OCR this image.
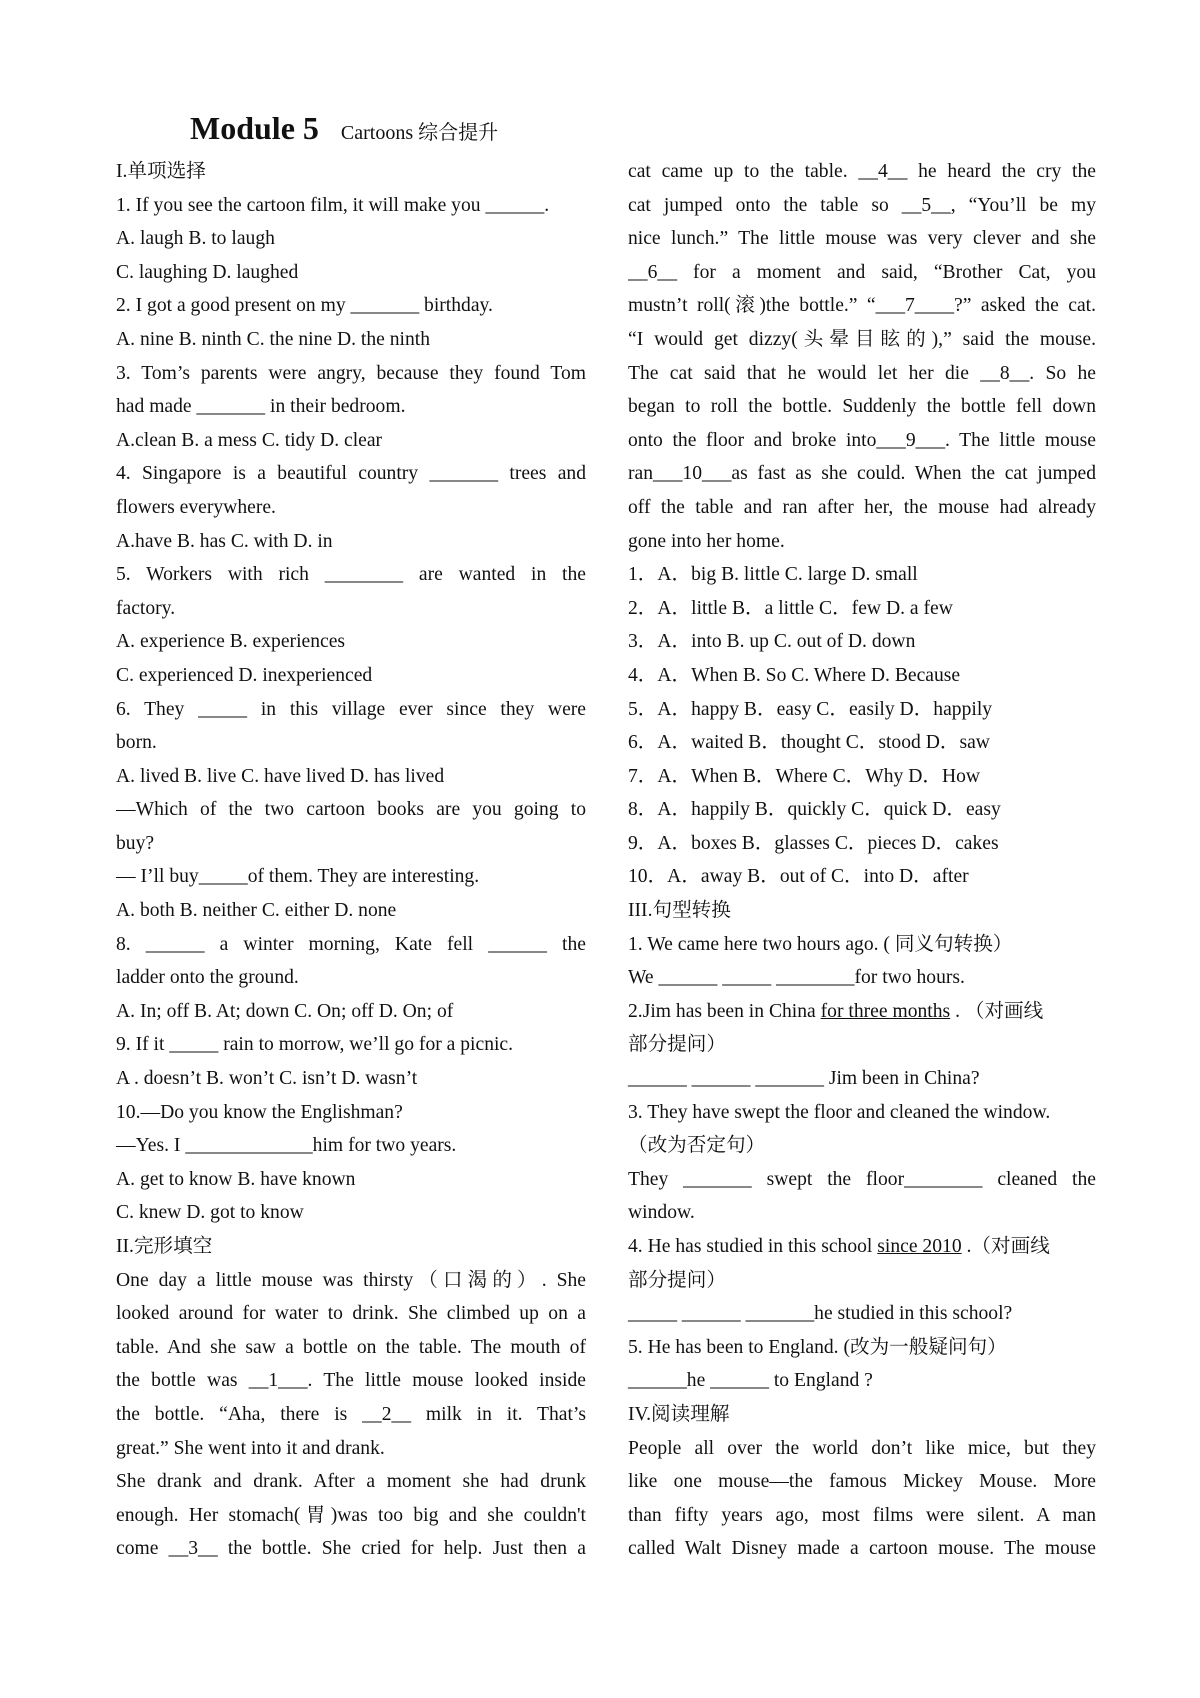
Module 5 Cartoons 综合提升
I.单项选择
1. If you see the cartoon film, it will make you ______.
A. laugh B. to laugh
C. laughing D. laughed
2. I got a good present on my _______ birthday.
A. nine B. ninth C. the nine D. the ninth
3. Tom’s parents were angry, because they found Tom
had made _______ in their bedroom.
A.clean B. a mess C. tidy D. clear
4. Singapore is a beautiful country _______ trees and
flowers everywhere.
A.have B. has C. with D. in
5. Workers with rich ________ are wanted in the
factory.
A. experience B. experiences
C. experienced D. inexperienced
6. They _____ in this village ever since they were
born.
A. lived B. live C. have lived D. has lived
—Which of the two cartoon books are you going to
buy?
— I’ll buy_____of them. They are interesting.
A. both B. neither C. either D. none
8. ______ a winter morning, Kate fell ______ the
ladder onto the ground.
A. In; off B. At; down C. On; off D. On; of
9. If it _____ rain to morrow, we’ll go for a picnic.
A . doesn’t B. won’t C. isn’t D. wasn’t
10.—Do you know the Englishman?
—Yes. I _____________him for two years.
A. get to know B. have known
C. knew D. got to know
II.完形填空
One day a little mouse was thirsty（口渴的）. She
looked around for water to drink. She climbed up on a
table. And she saw a bottle on the table. The mouth of
the bottle was __1___. The little mouse looked inside
the bottle. “Aha, there is __2__ milk in it. That’s
great.” She went into it and drank.
She drank and drank. After a moment she had drunk
enough. Her stomach(胃)was too big and she couldn't
come __3__ the bottle. She cried for help. Just then a
cat came up to the table. __4__ he heard the cry the
cat jumped onto the table so __5__, “You’ll be my
nice lunch.” The little mouse was very clever and she
__6__ for a moment and said, “Brother Cat, you
mustn’t roll(滚)the bottle.” “___7____?” asked the cat.
“I would get dizzy(头晕目眩的),” said the mouse.
The cat said that he would let her die __8__. So he
began to roll the bottle. Suddenly the bottle fell down
onto the floor and broke into___9___. The little mouse
ran___10___as fast as she could. When the cat jumped
off the table and ran after her, the mouse had already
gone into her home.
1．A．big B. little C. large D. small
2．A．little B．a little C．few D. a few
3．A．into B. up C. out of D. down
4．A．When B. So C. Where D. Because
5．A．happy B．easy C．easily D．happily
6．A．waited B．thought C．stood D．saw
7．A．When B．Where C．Why D．How
8．A．happily B．quickly C．quick D．easy
9．A．boxes B．glasses C．pieces D．cakes
10．A．away B．out of C．into D．after
III.句型转换
1. We came here two hours ago. ( 同义句转换）
We ______ _____ ________for two hours.
2.Jim has been in China for three months . （对画线
部分提问）
______ ______ _______ Jim been in China?
3. They have swept the floor and cleaned the window.
（改为否定句）
They _______ swept the floor________ cleaned the
window.
4. He has studied in this school since 2010 .（对画线
部分提问）
_____ ______ _______he studied in this school?
5. He has been to England. (改为一般疑问句）
______he ______ to England ?
IV.阅读理解
People all over the world don’t like mice, but they
like one mouse—the famous Mickey Mouse. More
than fifty years ago, most films were silent. A man
called Walt Disney made a cartoon mouse. The mouse
